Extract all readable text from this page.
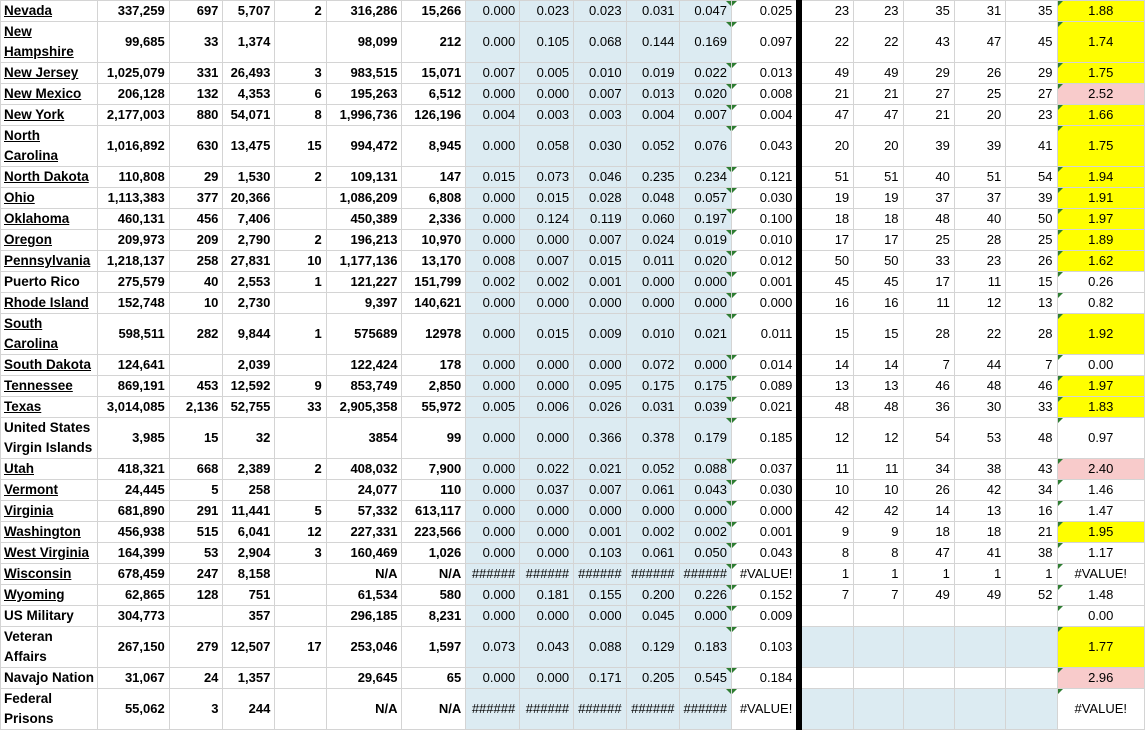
Nevada	337,259	697	5,707	2	316,286	15,266	0.000	0.023	0.023	0.031	0.047	0.025	23	23	35	31	35	1.88
New Hampshire	99,685	33	1,374		98,099	212	0.000	0.105	0.068	0.144	0.169	0.097	22	22	43	47	45	1.74
New Jersey	1,025,079	331	26,493	3	983,515	15,071	0.007	0.005	0.010	0.019	0.022	0.013	49	49	29	26	29	1.75
New Mexico	206,128	132	4,353	6	195,263	6,512	0.000	0.000	0.007	0.013	0.020	0.008	21	21	27	25	27	2.52
New York	2,177,003	880	54,071	8	1,996,736	126,196	0.004	0.003	0.003	0.004	0.007	0.004	47	47	21	20	23	1.66
North Carolina	1,016,892	630	13,475	15	994,472	8,945	0.000	0.058	0.030	0.052	0.076	0.043	20	20	39	39	41	1.75
North Dakota	110,808	29	1,530	2	109,131	147	0.015	0.073	0.046	0.235	0.234	0.121	51	51	40	51	54	1.94
Ohio	1,113,383	377	20,366		1,086,209	6,808	0.000	0.015	0.028	0.048	0.057	0.030	19	19	37	37	39	1.91
Oklahoma	460,131	456	7,406		450,389	2,336	0.000	0.124	0.119	0.060	0.197	0.100	18	18	48	40	50	1.97
Oregon	209,973	209	2,790	2	196,213	10,970	0.000	0.000	0.007	0.024	0.019	0.010	17	17	25	28	25	1.89
Pennsylvania	1,218,137	258	27,831	10	1,177,136	13,170	0.008	0.007	0.015	0.011	0.020	0.012	50	50	33	23	26	1.62
Puerto Rico	275,579	40	2,553	1	121,227	151,799	0.002	0.002	0.001	0.000	0.000	0.001	45	45	17	11	15	0.26
Rhode Island	152,748	10	2,730		9,397	140,621	0.000	0.000	0.000	0.000	0.000	0.000	16	16	11	12	13	0.82
South Carolina	598,511	282	9,844	1	575689	12978	0.000	0.015	0.009	0.010	0.021	0.011	15	15	28	22	28	1.92
South Dakota	124,641		2,039		122,424	178	0.000	0.000	0.000	0.072	0.000	0.014	14	14	7	44	7	0.00
Tennessee	869,191	453	12,592	9	853,749	2,850	0.000	0.000	0.095	0.175	0.175	0.089	13	13	46	48	46	1.97
Texas	3,014,085	2,136	52,755	33	2,905,358	55,972	0.005	0.006	0.026	0.031	0.039	0.021	48	48	36	30	33	1.83
United States Virgin Islands	3,985	15	32		3854	99	0.000	0.000	0.366	0.378	0.179	0.185	12	12	54	53	48	0.97
Utah	418,321	668	2,389	2	408,032	7,900	0.000	0.022	0.021	0.052	0.088	0.037	11	11	34	38	43	2.40
Vermont	24,445	5	258		24,077	110	0.000	0.037	0.007	0.061	0.043	0.030	10	10	26	42	34	1.46
Virginia	681,890	291	11,441	5	57,332	613,117	0.000	0.000	0.000	0.000	0.000	0.000	42	42	14	13	16	1.47
Washington	456,938	515	6,041	12	227,331	223,566	0.000	0.000	0.001	0.002	0.002	0.001	9	9	18	18	21	1.95
West Virginia	164,399	53	2,904	3	160,469	1,026	0.000	0.000	0.103	0.061	0.050	0.043	8	8	47	41	38	1.17
Wisconsin	678,459	247	8,158		N/A	N/A	######	######	######	######	######	#VALUE!	1	1	1	1	1	#VALUE!
Wyoming	62,865	128	751		61,534	580	0.000	0.181	0.155	0.200	0.226	0.152	7	7	49	49	52	1.48
US Military	304,773		357		296,185	8,231	0.000	0.000	0.000	0.045	0.000	0.009						0.00
Veteran Affairs	267,150	279	12,507	17	253,046	1,597	0.073	0.043	0.088	0.129	0.183	0.103						1.77
Navajo Nation	31,067	24	1,357		29,645	65	0.000	0.000	0.171	0.205	0.545	0.184						2.96
Federal Prisons	55,062	3	244		N/A	N/A	######	######	######	######	######	#VALUE!						#VALUE!
